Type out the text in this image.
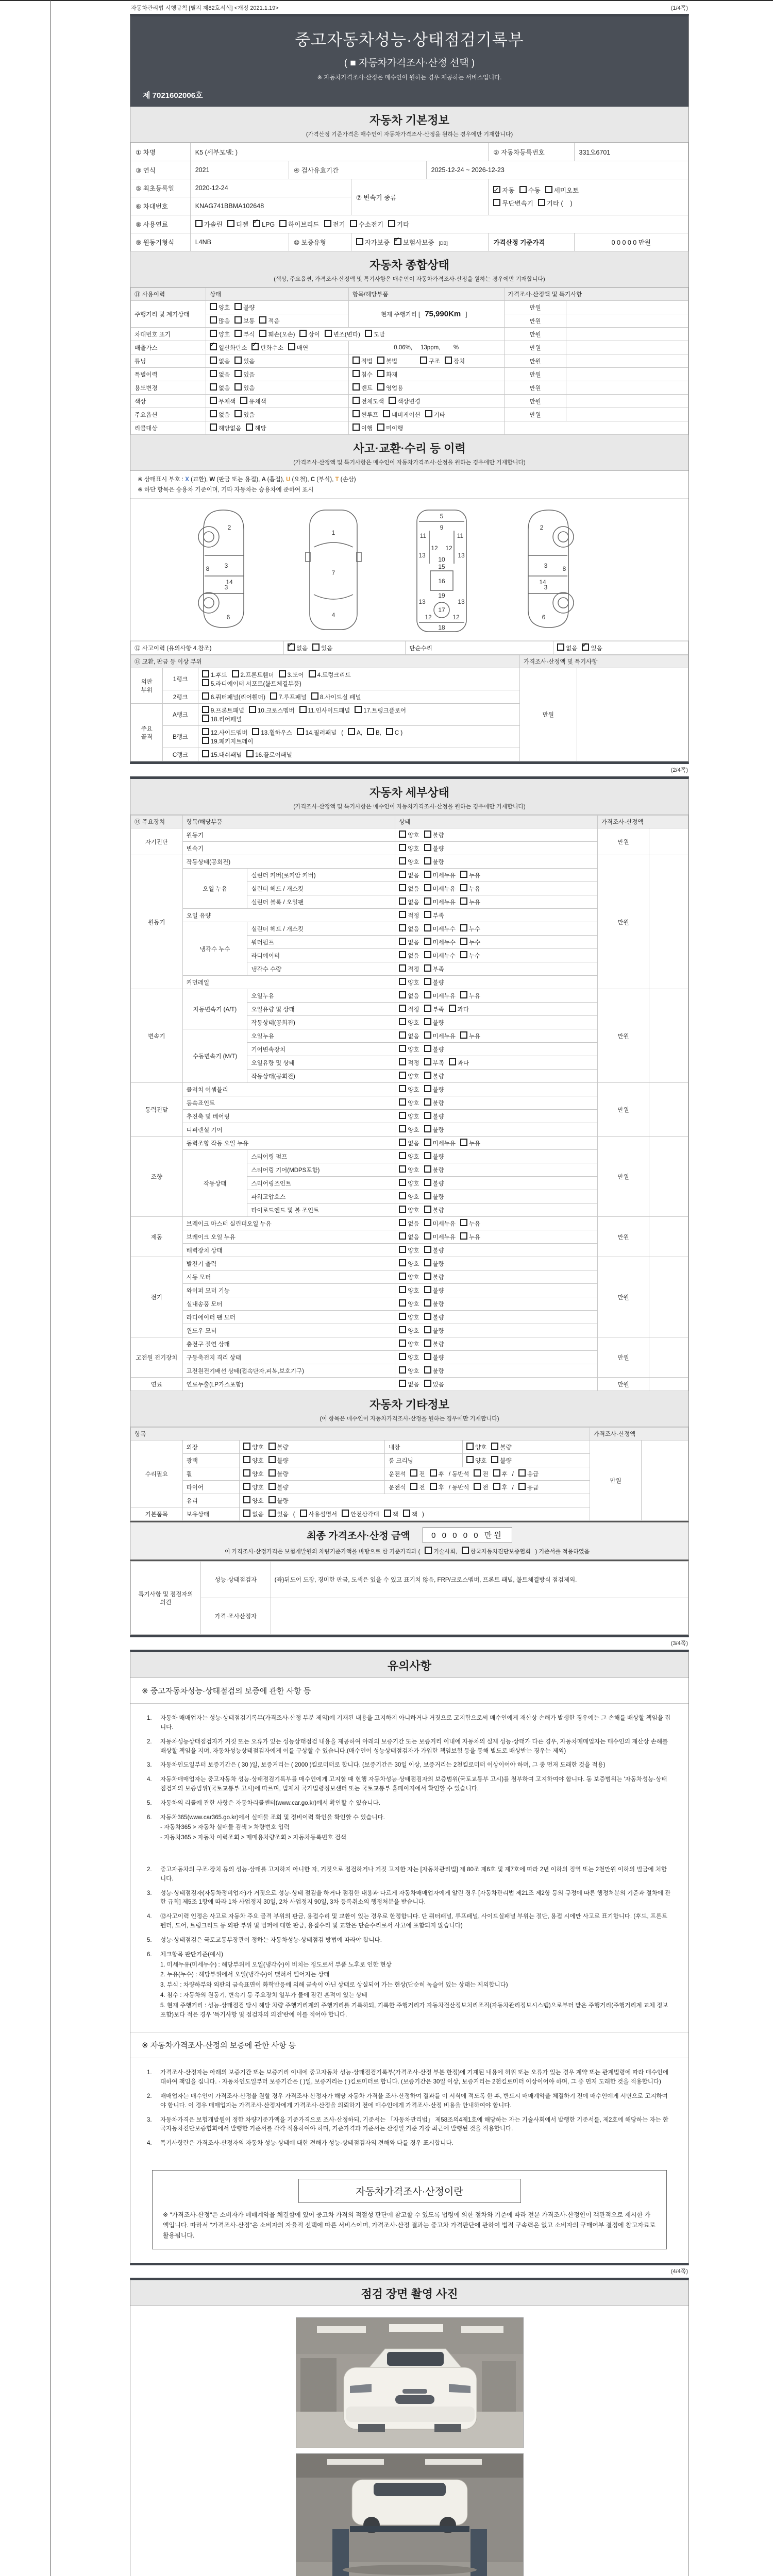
자동차관리법 시행규칙 [별지 제82호서식] <개정 2021.1.19>	(1/4쪽)
중고자동차성능·상태점검기록부
( ■ 자동차가격조사·산정 선택 )
※ 자동차가격조사·산정은 매수인이 원하는 경우 제공하는 서비스입니다.
제 7021602006호
자동차 기본정보
(가격산정 기준가격은 매수인이 자동차가격조사·산정을 원하는 경우에만 기재합니다)
① 차명	K5 (세부모델: )				② 자동차등록번호	331오6701
③ 연식	2021	④ 검사유효기간		2025-12-24 ~ 2026-12-23		
⑤ 최초등록일	2020-12-24		⑦ 변속기 종류	✓자동 수동 세미오토
무단변속기 기타 (    )
⑥ 차대번호	KNAG741BBMA102648					
⑧ 사용연료	가솔린 디젤 ✓ LPG 하이브리드 전기 수소전기 기타
⑨ 원동기형식	L4NB	⑩ 보증유형	자가보증 ✓ 보험사보증 [DB]		가격산정 기준가격	0 0 0 0 0 만원
자동차 종합상태
(색상, 주요옵션, 가격조사·산정액 및 특기사항은 매수인이 자동차가격조사·산정을 원하는 경우에만 기재합니다)
⑪ 사용이력	상태	항목/해당부품	가격조사·산정액 및 특기사항	
주행거리 및 계기상태	양호 불량	현재 주행거리 [75,990Km]	만원	
	많음 보통 적음		만원	
차대번호 표기	양호 부식 훼손(오손) 상이 변조(변타) 도말		만원	
배출가스	✓일산화탄소 ✓ 탄화수소 매연	0.06%,     13ppm,        %	만원	
튜닝	없음 있음	적법 불법 구조 장치	만원	
특별이력	없음 있음	침수 화재	만원	
용도변경	없음 있음	렌트 영업용	만원	
색상	무채색 유채색	전체도색 색상변경	만원	
주요옵션	없음 있음	썬루프 네비게이션 기타	만원	
리콜대상	해당없음 해당	이행 미이행		
사고·교환·수리 등 이력
(가격조사·산정액 및 특기사항은 매수인이 자동차가격조사·산정을 원하는 경우에만 기재합니다)
※ 상태표시 부호 : X (교환), W (판금 또는 용접), A (흠집), U (요철), C (부식), T (손상)
※ 하단 항목은 승용차 기준이며, 기타 자동차는 승용차에 준하여 표시
2
8 3
14
3
6
1
7
4
5
9
11	11
12 12
13	13
10
15
16
19
13	13
12	12
17
18
2
3
14
3
8
6
⑫ 사고이력 (유의사항 4.참조)	✓없음 있음	단순수리	없음 ✓ 있음
⑬ 교환, 판금 등 이상 부위			가격조사·산정액 및 특기사항	
외판 부위	1랭크	1.후드 2.프론트휀더 3.도어 4.트렁크리드
5.라디에이터 서포트(볼트체결부품)	만원	
	2랭크	6.쿼터패널(리어휀더) 7.루프패널 8.사이드실 패널		
주요 골격	A랭크	9.프론트패널 10.크로스멤버 11.인사이드패널 17.트렁크플로어
18.리어패널		
	B랭크	12.사이드멤버 13.휠하우스 14.필러패널 ( A, B, C )
19.패키지트레이		
	C랭크	15.대쉬패널 16.플로어패널		
(2/4쪽)
자동차 세부상태
(가격조사·산정액 및 특기사항은 매수인이 자동차가격조사·산정을 원하는 경우에만 기재합니다)
⑭ 주요장치	항목/해당부품		상태	가격조사·산정액	
자기진단	원동기		양호 불량	만원	
	변속기		양호 불량		
원동기	작동상태(공회전)		양호 불량	만원	
	오일 누유	실린더 커버(로커암 커버)	없음 미세누유 누유		
		실린더 헤드 / 개스킷	없음 미세누유 누유		
		실린더 블록 / 오일팬	없음 미세누유 누유		
	오일 유량		적정 부족		
	냉각수 누수	실린더 헤드 / 개스킷	없음 미세누수 누수		
		워터펌프	없음 미세누수 누수		
		라디에이터	없음 미세누수 누수		
		냉각수 수량	적정 부족		
	커먼레일		양호 불량		
변속기	자동변속기 (A/T)	오일누유	없음 미세누유 누유	만원	
		오일유량 및 상태	적정 부족 과다		
		작동상태(공회전)	양호 불량		
	수동변속기 (M/T)	오일누유	없음 미세누유 누유		
		기어변속장치	양호 불량		
		오일유량 및 상태	적정 부족 과다		
		작동상태(공회전)	양호 불량		
동력전달	클러치 어셈블리		양호 불량	만원	
	등속죠인트		양호 불량		
	추진축 및 베어링		양호 불량		
	디퍼렌셜 기어		양호 불량		
조향	동력조향 작동 오일 누유		없음 미세누유 누유	만원	
	작동상태	스티어링 펌프	양호 불량		
		스티어링 기어(MDPS포함)	양호 불량		
		스티어링조인트	양호 불량		
		파워고압호스	양호 불량		
		타이로드엔드 및 볼 조인트	양호 불량		
제동	브레이크 마스터 실린더오일 누유		없음 미세누유 누유	만원	
	브레이크 오일 누유		없음 미세누유 누유		
	배력장치 상태		양호 불량		
전기	발전기 출력		양호 불량	만원	
	시동 모터		양호 불량		
	와이퍼 모터 기능		양호 불량		
	실내송풍 모터		양호 불량		
	라디에이터 팬 모터		양호 불량		
	윈도우 모터		양호 불량		
고전원 전기장치	충전구 절연 상태		양호 불량	만원	
	구동축전지 격리 상태		양호 불량		
	고전원전기배선 상태(접속단자,피복,보호기구)		양호 불량		
연료	연료누출(LP가스포함)		없음 있음	만원	
자동차 기타정보
(이 항목은 매수인이 자동차가격조사·산정을 원하는 경우에만 기재합니다)
항목					가격조사·산정액	
수리필요	외장	양호 불량	내장	양호 불량	만원	
	광택	양호 불량	룸 크리닝	양호 불량		
	휠	양호 불량	운전석 전 후 / 동반석 전 후 / 응급			
	타이어	양호 불량	운전석 전 후 / 동반석 전 후 / 응급			
	유리	양호 불량				
기본품목	보유상태	없음 있음 ( 사용설명서 안전삼각대 잭 잭 )				
최종 가격조사·산정 금액	0 0 0 0 0 만원
이 가격조사·산정가격은 보험개발원의 차량기준가액을 바탕으로 한 기준가격과 ( 기술사회, 한국자동차진단보증협회 ) 기준서를 적용하였음
특기사항 및 점검자의 의견	성능·상태점검자	(좌)뒤도어 도장, 경미한 판금, 도색은 있을 수 있고 표기치 않음, FRP/크로스멤버, 프론트 패널, 볼트체결방식 점검제외.
	가격·조사산정자	
(3/4쪽)
유의사항
※ 중고자동차성능·상태점검의 보증에 관한 사항 등
1.	자동차 매매업자는 성능·상태점검기록부(가격조사·산정 부분 제외)에 기재된 내용을 고지하지 아니하거나 거짓으로 고지함으로써 매수인에게 재산상 손해가 발생한 경우에는 그 손해를 배상할 책임을 집니다.
2.	자동차성능상태점검자가 거짓 또는 오류가 있는 성능상태점검 내용을 제공하여 아래의 보증기간 또는 보증거리 이내에 자동차의 실제 성능·상태가 다른 경우, 자동차매매업자는 매수인의 재산상 손해를 배상할 책임을 지며, 자동차성능상태점검자에게 이를 구상할 수 있습니다.(매수인이 성능상태점검자가 가입한 책임보험 등을 통해 별도로 배상받는 경우는 제외)
3.	자동차인도일부터 보증기간은 ( 30 )일, 보증거리는 ( 2000 )킬로미터로 합니다. (보증기간은 30일 이상, 보증거리는 2천킬로미터 이상이어야 하며, 그 중 먼저 도래한 것을 적용)
4.	자동차매매업자는 중고자동차 성능·상태점검기록부를 매수인에게 고지할 때 현행 자동차성능·상태점검자의 보증범위(국토교통부 고시)를 첨부하여 고지하여야 합니다. 동 보증범위는 '자동차성능·상태점검자의 보증범위'(국토교통부 고시)에 따르며, 법제처 국가법령정보센터 또는 국토교통부 홈페이지에서 확인할 수 있습니다.
5.	자동차의 리콜에 관한 사항은 자동차리콜센터(www.car.go.kr)에서 확인할 수 있습니다.
6.	자동차365(www.car365.go.kr)에서 실매물 조회 및 정비이력 확인을 확인할 수 있습니다.
- 자동차365 > 자동차 실매물 검색 > 차량번호 입력
- 자동차365 > 자동차 이력조회 > 매매용차량조회 > 자동차등록번호 검색
2.	중고자동차의 구조·장치 등의 성능·상태를 고지하지 아니한 자, 거짓으로 점검하거나 거짓 고지한 자는 [자동차관리법] 제 80조 제6호 및 제7호에 따라 2년 이하의 징역 또는 2천만원 이하의 벌금에 처합니다.
3.	성능·상태점검자(자동차정비업자)가 거짓으로 성능·상태 점검을 하거나 점검한 내용과 다르게 자동차매매업자에게 알린 경우 [자동차관리법 제21조 제2항 등의 규정에 따른 행정처분의 기준과 절차에 관한 규칙] 제5조 1항에 따라 1차 사업정지 30일, 2차 사업정지 90일, 3차 등록취소의 행정처분을 받습니다.
4.	⑫사고이력 인정은 사고로 자동차 주요 골격 부위의 판금, 용접수리 및 교환이 있는 경우로 한정합니다. 단 쿼터패널, 루프패널, 사이드실패널 부위는 절단, 용접 시에만 사고로 표기합니다. (후드, 프론트펜더, 도어, 트렁크리드 등 외판 부위 및 범퍼에 대한 판금, 용접수리 및 교환은 단순수리로서 사고에 포함되지 않습니다)
5.	성능·상태점검은 국토교통부장관이 정하는 자동차성능·상태점검 방법에 따라야 합니다.
6.	체크항목 판단기준(예시)
1. 미세누유(미세누수) : 해당부위에 오일(냉각수)이 비치는 정도로서 부품 노후로 인한 현상
2. 누유(누수) : 해당부위에서 오일(냉각수)이 맺혀서 떨어지는 상태
3. 부식 : 차량하부와 외판의 금속표면이 화학반응에 의해 금속이 아닌 상태로 상실되어 가는 현상(단순히 녹슬어 있는 상태는 제외합니다)
4. 침수 : 자동차의 원동기, 변속기 등 주요장치 일부가 물에 잠긴 흔적이 있는 상태
5. 현재 주행거리 : 성능·상태점검 당시 해당 차량 주행거리계의 주행거리를 기록하되, 기록한 주행거리가 자동차전산정보처리조직(자동차관리정보시스템)으로부터 받은 주행거리(주행거리계 교체 정보 포함)보다 적은 경우 '특기사항 및 점검자의 의견'란에 이를 적어야 합니다.
※ 자동차가격조사·산정의 보증에 관한 사항 등
1.	가격조사·산정자는 아래의 보증기간 또는 보증거리 이내에 중고자동차 성능·상태점검기록부(가격조사·산정 부분 한정)에 기재된 내용에 허위 또는 오류가 있는 경우 계약 또는 관계법령에 따라 매수인에 대하여 책임을 집니다. · 자동차인도일부터 보증기간은 ( )일, 보증거리는 ( )킬로미터로 합니다. (보증기간은 30일 이상, 보증거리는 2천킬로미터 이상이어야 하며, 그 중 먼저 도래한 것을 적용합니다)
2.	매매업자는 매수인이 가격조사·산정을 원할 경우 가격조사·산정자가 해당 자동차 가격을 조사·산정하여 결과를 이 서식에 적도록 한 후, 반드시 매매계약을 체결하기 전에 매수인에게 서면으로 고지하여야 합니다. 이 경우 매매업자는 가격조사·산정자에게 가격조사·산정을 의뢰하기 전에 매수인에게 가격조사·산정 비용을 안내하여야 합니다.
3.	자동차가격은 보험개발원이 정한 차량기준가액을 기준가격으로 조사·산정하되, 기준서는 「자동차관리법」 제58조의4제1호에 해당하는 자는 기술사회에서 발행한 기준서를, 제2호에 해당하는 자는 한국자동차진단보증협회에서 발행한 기준서를 각각 적용하여야 하며, 기준가격과 기준서는 산정일 기준 가장 최근에 발행된 것을 적용합니다.
4.	특기사항란은 가격조사·산정자의 자동차 성능·상태에 대한 견해가 성능·상태점검자의 견해와 다를 경우 표시합니다.
자동차가격조사·산정이란
※ "가격조사·산정"은 소비자가 매매계약을 체결함에 있어 중고차 가격의 적절성 판단에 참고할 수 있도록 법령에 의한 절차와 기준에 따라 전문 가격조사·산정인이 객관적으로 제시한 가액입니다. 따라서 "가격조사·산정"은 소비자의 자율적 선택에 따른 서비스이며, 가격조사·산정 결과는 중고차 가격판단에 관하여 법적 구속력은 없고 소비자의 구매여부 결정에 참고자료로 활용됩니다.
(4/4쪽)
점검 장면 촬영 사진
